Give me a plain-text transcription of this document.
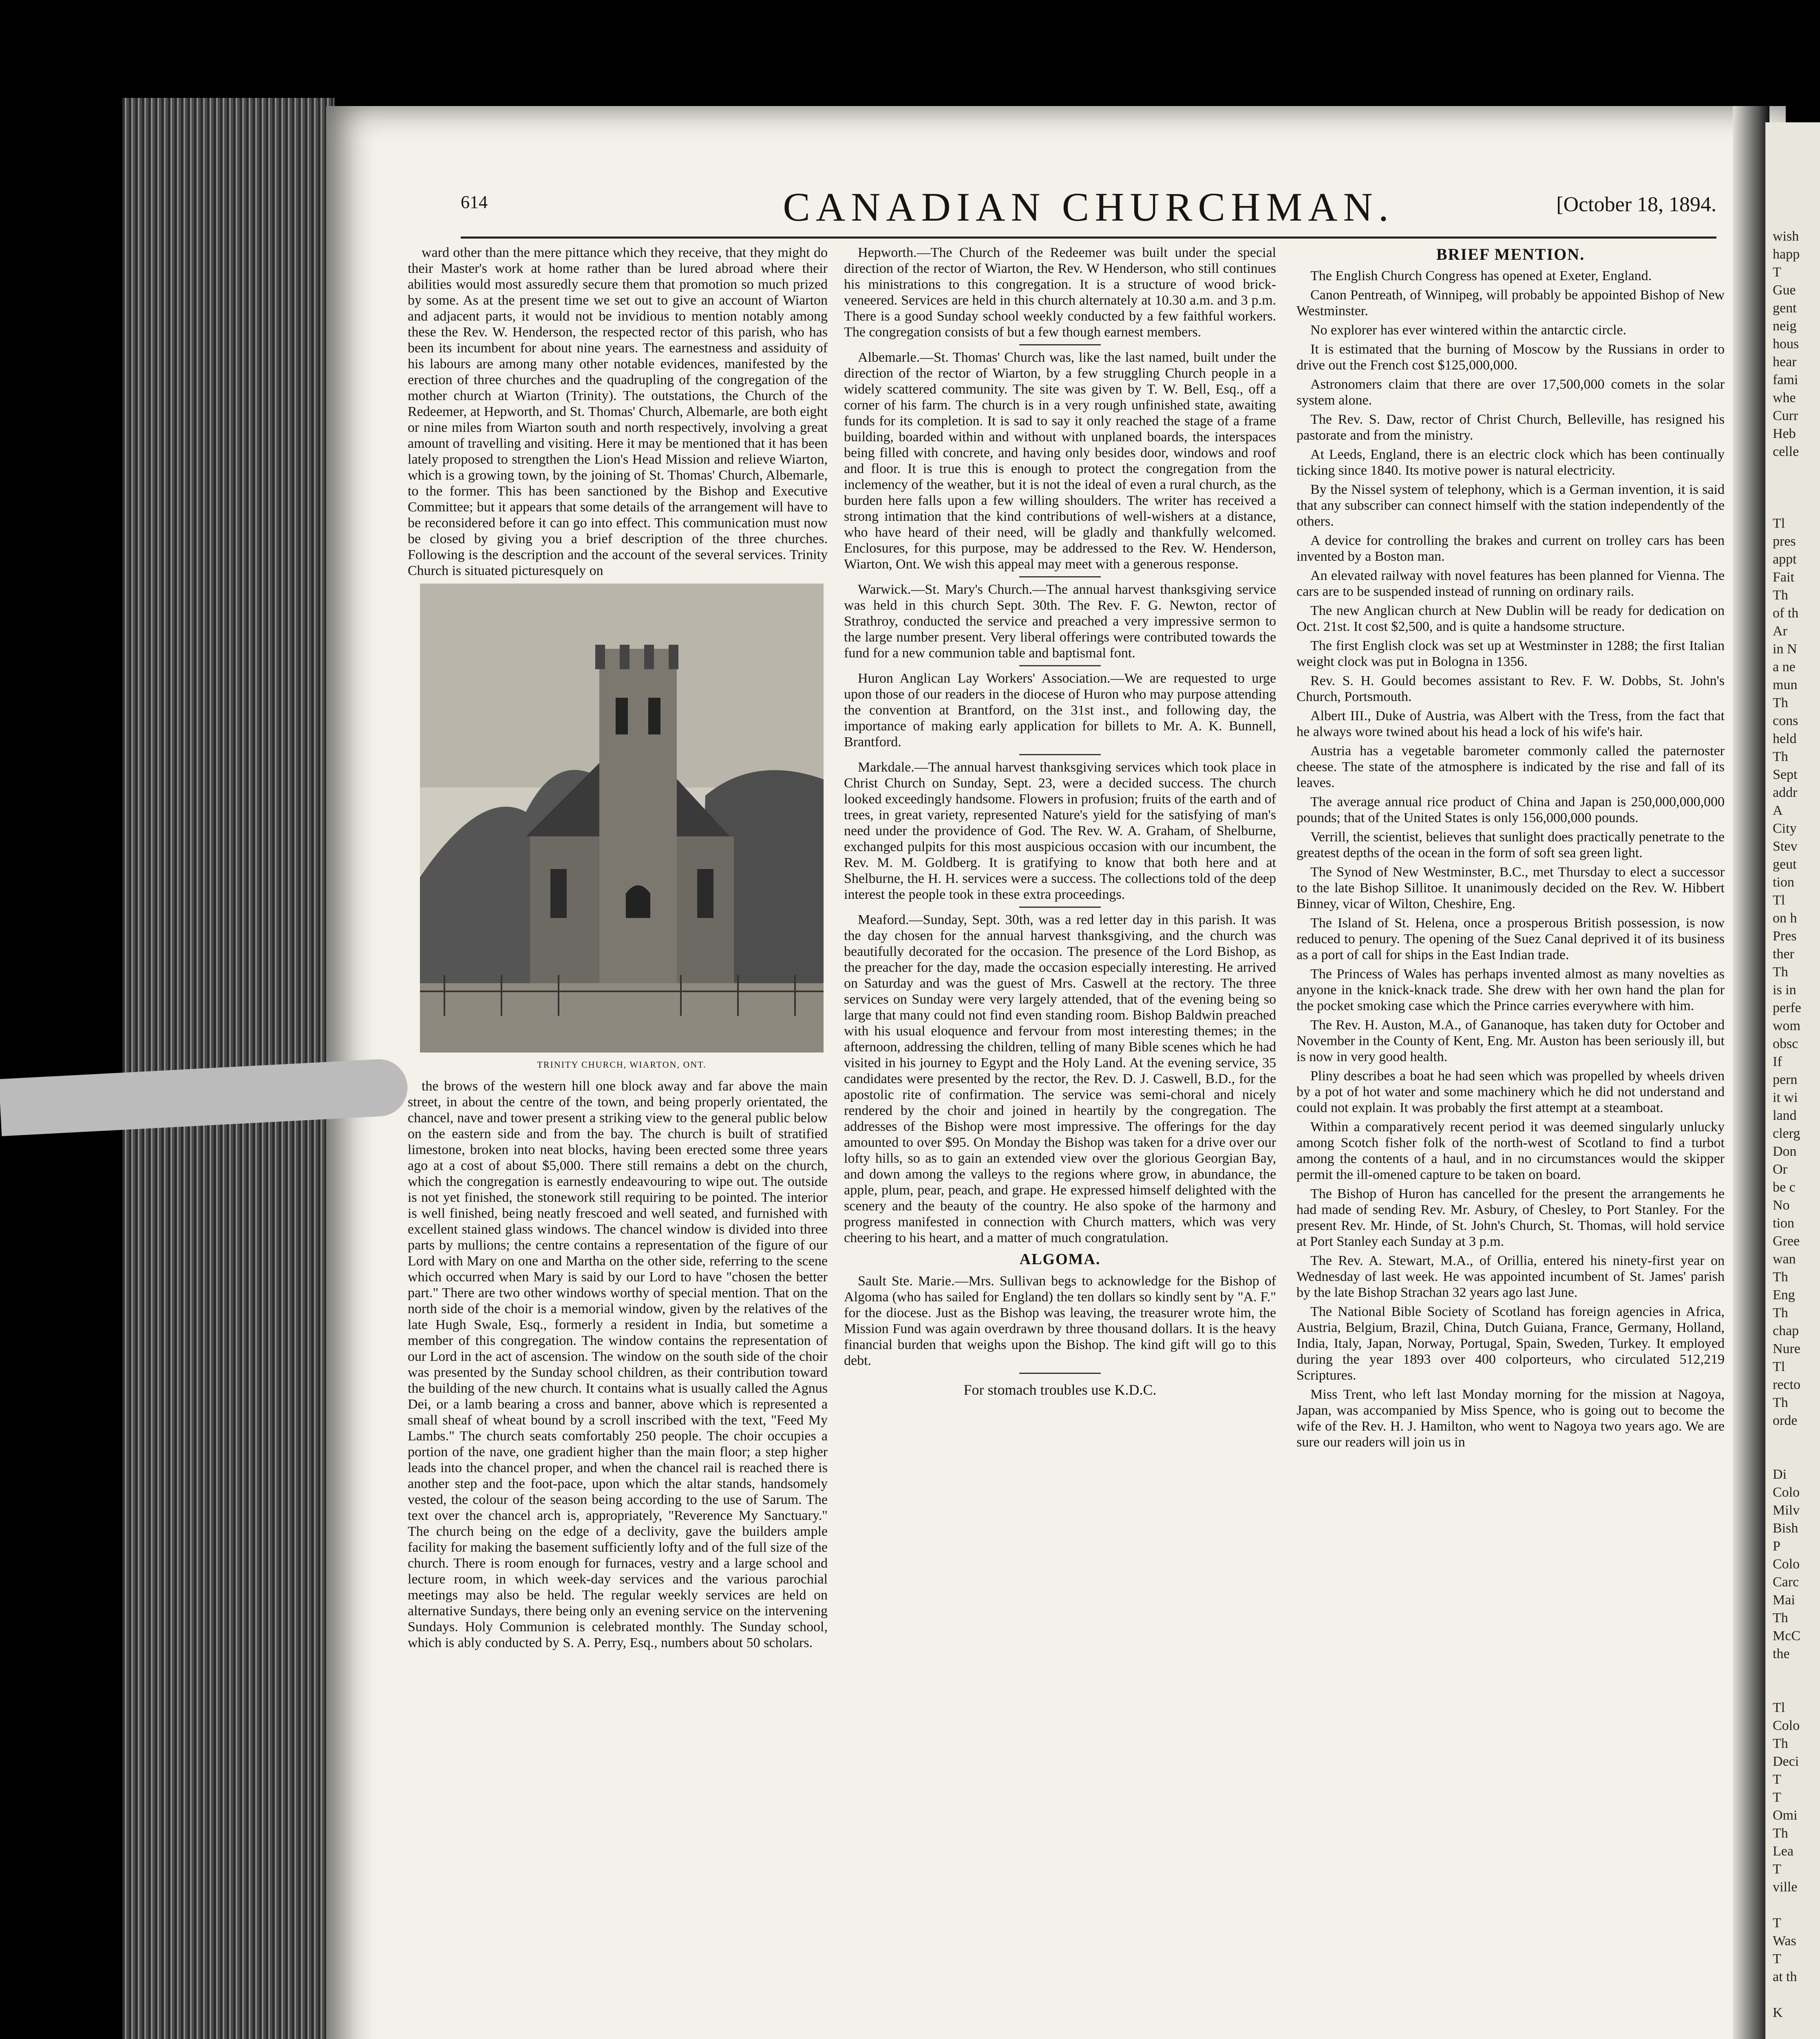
614	CANADIAN CHURCHMAN.	[October 18, 1894.

ward other than the mere pittance which they receive, that they might do their Master's work at home rather than be lured abroad where their abilities would most assuredly secure them that promotion so much prized by some. As at the present time we set out to give an account of Wiarton and adjacent parts, it would not be invidious to mention notably among these the Rev. W. Henderson, the respected rector of this parish, who has been its incumbent for about nine years. The earnestness and assiduity of his labours are among many other notable evidences, manifested by the erection of three churches and the quadrupling of the congregation of the mother church at Wiarton (Trinity). The outstations, the Church of the Redeemer, at Hepworth, and St. Thomas' Church, Albemarle, are both eight or nine miles from Wiarton south and north respectively, involving a great amount of travelling and visiting. Here it may be mentioned that it has been lately proposed to strengthen the Lion's Head Mission and relieve Wiarton, which is a growing town, by the joining of St. Thomas' Church, Albemarle, to the former. This has been sanctioned by the Bishop and Executive Committee; but it appears that some details of the arrangement will have to be reconsidered before it can go into effect. This communication must now be closed by giving you a brief description of the three churches. Following is the description and the account of the several services. Trinity Church is situated picturesquely on

TRINITY CHURCH, WIARTON, ONT.

the brows of the western hill one block away and far above the main street, in about the centre of the town, and being properly orientated, the chancel, nave and tower present a striking view to the general public below on the eastern side and from the bay. The church is built of stratified limestone, broken into neat blocks, having been erected some three years ago at a cost of about $5,000. There still remains a debt on the church, which the congregation is earnestly endeavouring to wipe out. The outside is not yet finished, the stonework still requiring to be pointed. The interior is well finished, being neatly frescoed and well seated, and furnished with excellent stained glass windows. The chancel window is divided into three parts by mullions; the centre contains a representation of the figure of our Lord with Mary on one and Martha on the other side, referring to the scene which occurred when Mary is said by our Lord to have "chosen the better part." There are two other windows worthy of special mention. That on the north side of the choir is a memorial window, given by the relatives of the late Hugh Swale, Esq., formerly a resident in India, but sometime a member of this congregation. The window contains the representation of our Lord in the act of ascension. The window on the south side of the choir was presented by the Sunday school children, as their contribution toward the building of the new church. It contains what is usually called the Agnus Dei, or a lamb bearing a cross and banner, above which is represented a small sheaf of wheat bound by a scroll inscribed with the text, "Feed My Lambs." The church seats comfortably 250 people. The choir occupies a portion of the nave, one gradient higher than the main floor; a step higher leads into the chancel proper, and when the chancel rail is reached there is another step and the foot-pace, upon which the altar stands, handsomely vested, the colour of the season being according to the use of Sarum. The text over the chancel arch is, appropriately, "Reverence My Sanctuary." The church being on the edge of a declivity, gave the builders ample facility for making the basement sufficiently lofty and of the full size of the church. There is room enough for furnaces, vestry and a large school and lecture room, in which week-day services and the various parochial meetings may also be held. The regular weekly services are held on alternative Sundays, there being only an evening service on the intervening Sundays. Holy Communion is celebrated monthly. The Sunday school, which is ably conducted by S. A. Perry, Esq., numbers about 50 scholars.

Hepworth.—The Church of the Redeemer was built under the special direction of the rector of Wiarton, the Rev. W Henderson, who still continues his ministrations to this congregation. It is a structure of wood brick-veneered. Services are held in this church alternately at 10.30 a.m. and 3 p.m. There is a good Sunday school weekly conducted by a few faithful workers. The congregation consists of but a few though earnest members.

Albemarle.—St. Thomas' Church was, like the last named, built under the direction of the rector of Wiarton, by a few struggling Church people in a widely scattered community. The site was given by T. W. Bell, Esq., off a corner of his farm. The church is in a very rough unfinished state, awaiting funds for its completion. It is sad to say it only reached the stage of a frame building, boarded within and without with unplaned boards, the interspaces being filled with concrete, and having only besides door, windows and roof and floor. It is true this is enough to protect the congregation from the inclemency of the weather, but it is not the ideal of even a rural church, as the burden here falls upon a few willing shoulders. The writer has received a strong intimation that the kind contributions of well-wishers at a distance, who have heard of their need, will be gladly and thankfully welcomed. Enclosures, for this purpose, may be addressed to the Rev. W. Henderson, Wiarton, Ont. We wish this appeal may meet with a generous response.

Warwick.—St. Mary's Church.—The annual harvest thanksgiving service was held in this church Sept. 30th. The Rev. F. G. Newton, rector of Strathroy, conducted the service and preached a very impressive sermon to the large number present. Very liberal offerings were contributed towards the fund for a new communion table and baptismal font.

Huron Anglican Lay Workers' Association.—We are requested to urge upon those of our readers in the diocese of Huron who may purpose attending the convention at Brantford, on the 31st inst., and following day, the importance of making early application for billets to Mr. A. K. Bunnell, Brantford.

Markdale.—The annual harvest thanksgiving services which took place in Christ Church on Sunday, Sept. 23, were a decided success. The church looked exceedingly handsome. Flowers in profusion; fruits of the earth and of trees, in great variety, represented Nature's yield for the satisfying of man's need under the providence of God. The Rev. W. A. Graham, of Shelburne, exchanged pulpits for this most auspicious occasion with our incumbent, the Rev. M. M. Goldberg. It is gratifying to know that both here and at Shelburne, the H. H. services were a success. The collections told of the deep interest the people took in these extra proceedings.

Meaford.—Sunday, Sept. 30th, was a red letter day in this parish. It was the day chosen for the annual harvest thanksgiving, and the church was beautifully decorated for the occasion. The presence of the Lord Bishop, as the preacher for the day, made the occasion especially interesting. He arrived on Saturday and was the guest of Mrs. Caswell at the rectory. The three services on Sunday were very largely attended, that of the evening being so large that many could not find even standing room. Bishop Baldwin preached with his usual eloquence and fervour from most interesting themes; in the afternoon, addressing the children, telling of many Bible scenes which he had visited in his journey to Egypt and the Holy Land. At the evening service, 35 candidates were presented by the rector, the Rev. D. J. Caswell, B.D., for the apostolic rite of confirmation. The service was semi-choral and nicely rendered by the choir and joined in heartily by the congregation. The addresses of the Bishop were most impressive. The offerings for the day amounted to over $95. On Monday the Bishop was taken for a drive over our lofty hills, so as to gain an extended view over the glorious Georgian Bay, and down among the valleys to the regions where grow, in abundance, the apple, plum, pear, peach, and grape. He expressed himself delighted with the scenery and the beauty of the country. He also spoke of the harmony and progress manifested in connection with Church matters, which was very cheering to his heart, and a matter of much congratulation.

ALGOMA.

Sault Ste. Marie.—Mrs. Sullivan begs to acknowledge for the Bishop of Algoma (who has sailed for England) the ten dollars so kindly sent by "A. F." for the diocese. Just as the Bishop was leaving, the treasurer wrote him, the Mission Fund was again overdrawn by three thousand dollars. It is the heavy financial burden that weighs upon the Bishop. The kind gift will go to this debt.

For stomach troubles use K.D.C.
BRIEF MENTION.

The English Church Congress has opened at Exeter, England.

Canon Pentreath, of Winnipeg, will probably be appointed Bishop of New Westminster.

No explorer has ever wintered within the antarctic circle.

It is estimated that the burning of Moscow by the Russians in order to drive out the French cost $125,000,000.

Astronomers claim that there are over 17,500,000 comets in the solar system alone.

The Rev. S. Daw, rector of Christ Church, Belleville, has resigned his pastorate and from the ministry.

At Leeds, England, there is an electric clock which has been continually ticking since 1840. Its motive power is natural electricity.

By the Nissel system of telephony, which is a German invention, it is said that any subscriber can connect himself with the station independently of the others.

A device for controlling the brakes and current on trolley cars has been invented by a Boston man.

An elevated railway with novel features has been planned for Vienna. The cars are to be suspended instead of running on ordinary rails.

The new Anglican church at New Dublin will be ready for dedication on Oct. 21st. It cost $2,500, and is quite a handsome structure.

The first English clock was set up at Westminster in 1288; the first Italian weight clock was put in Bologna in 1356.

Rev. S. H. Gould becomes assistant to Rev. F. W. Dobbs, St. John's Church, Portsmouth.

Albert III., Duke of Austria, was Albert with the Tress, from the fact that he always wore twined about his head a lock of his wife's hair.

Austria has a vegetable barometer commonly called the paternoster cheese. The state of the atmosphere is indicated by the rise and fall of its leaves.

The average annual rice product of China and Japan is 250,000,000,000 pounds; that of the United States is only 156,000,000 pounds.

Verrill, the scientist, believes that sunlight does practically penetrate to the greatest depths of the ocean in the form of soft sea green light.

The Synod of New Westminster, B.C., met Thursday to elect a successor to the late Bishop Sillitoe. It unanimously decided on the Rev. W. Hibbert Binney, vicar of Wilton, Cheshire, Eng.

The Island of St. Helena, once a prosperous British possession, is now reduced to penury. The opening of the Suez Canal deprived it of its business as a port of call for ships in the East Indian trade.

The Princess of Wales has perhaps invented almost as many novelties as anyone in the knick-knack trade. She drew with her own hand the plan for the pocket smoking case which the Prince carries everywhere with him.

The Rev. H. Auston, M.A., of Gananoque, has taken duty for October and November in the County of Kent, Eng. Mr. Auston has been seriously ill, but is now in very good health.

Pliny describes a boat he had seen which was propelled by wheels driven by a pot of hot water and some machinery which he did not understand and could not explain. It was probably the first attempt at a steamboat.

Within a comparatively recent period it was deemed singularly unlucky among Scotch fisher folk of the north-west of Scotland to find a turbot among the contents of a haul, and in no circumstances would the skipper permit the ill-omened capture to be taken on board.

The Bishop of Huron has cancelled for the present the arrangements he had made of sending Rev. Mr. Asbury, of Chesley, to Port Stanley. For the present Rev. Mr. Hinde, of St. John's Church, St. Thomas, will hold service at Port Stanley each Sunday at 3 p.m.

The Rev. A. Stewart, M.A., of Orillia, entered his ninety-first year on Wednesday of last week. He was appointed incumbent of St. James' parish by the late Bishop Strachan 32 years ago last June.

The National Bible Society of Scotland has foreign agencies in Africa, Austria, Belgium, Brazil, China, Dutch Guiana, France, Germany, Holland, India, Italy, Japan, Norway, Portugal, Spain, Sweden, Turkey. It employed during the year 1893 over 400 colporteurs, who circulated 512,219 Scriptures.

Miss Trent, who left last Monday morning for the mission at Nagoya, Japan, was accompanied by Miss Spence, who is going out to become the wife of the Rev. H. J. Hamilton, who went to Nagoya two years ago. We are sure our readers will join us in

wish
happ
T
Gue
gent
neig
hous
hear
fami
whe
Curr
Heb
celle
Tl
pres
appt
Fait
Th
of th
Ar
in N
a ne
mun
Th
cons
held
Th
Sept
addr
A
City
Stev
geut
tion
Tl
on h
Pres
ther
Th
is in
perfe
wom
obsc
If
pern
it wi
land
clerg
Don
Or
be c
No
tion
Gree
wan
Th
Eng
Th
chap
Nure
Tl
recto
Th
orde
Di
Colo
Milv
Bish
P
Colo
Carc
Mai
Th
McC
the
Tl
Colo
Th
Deci
T
T
Omi
Th
Lea
T
ville
T
Was
T
at th
K
